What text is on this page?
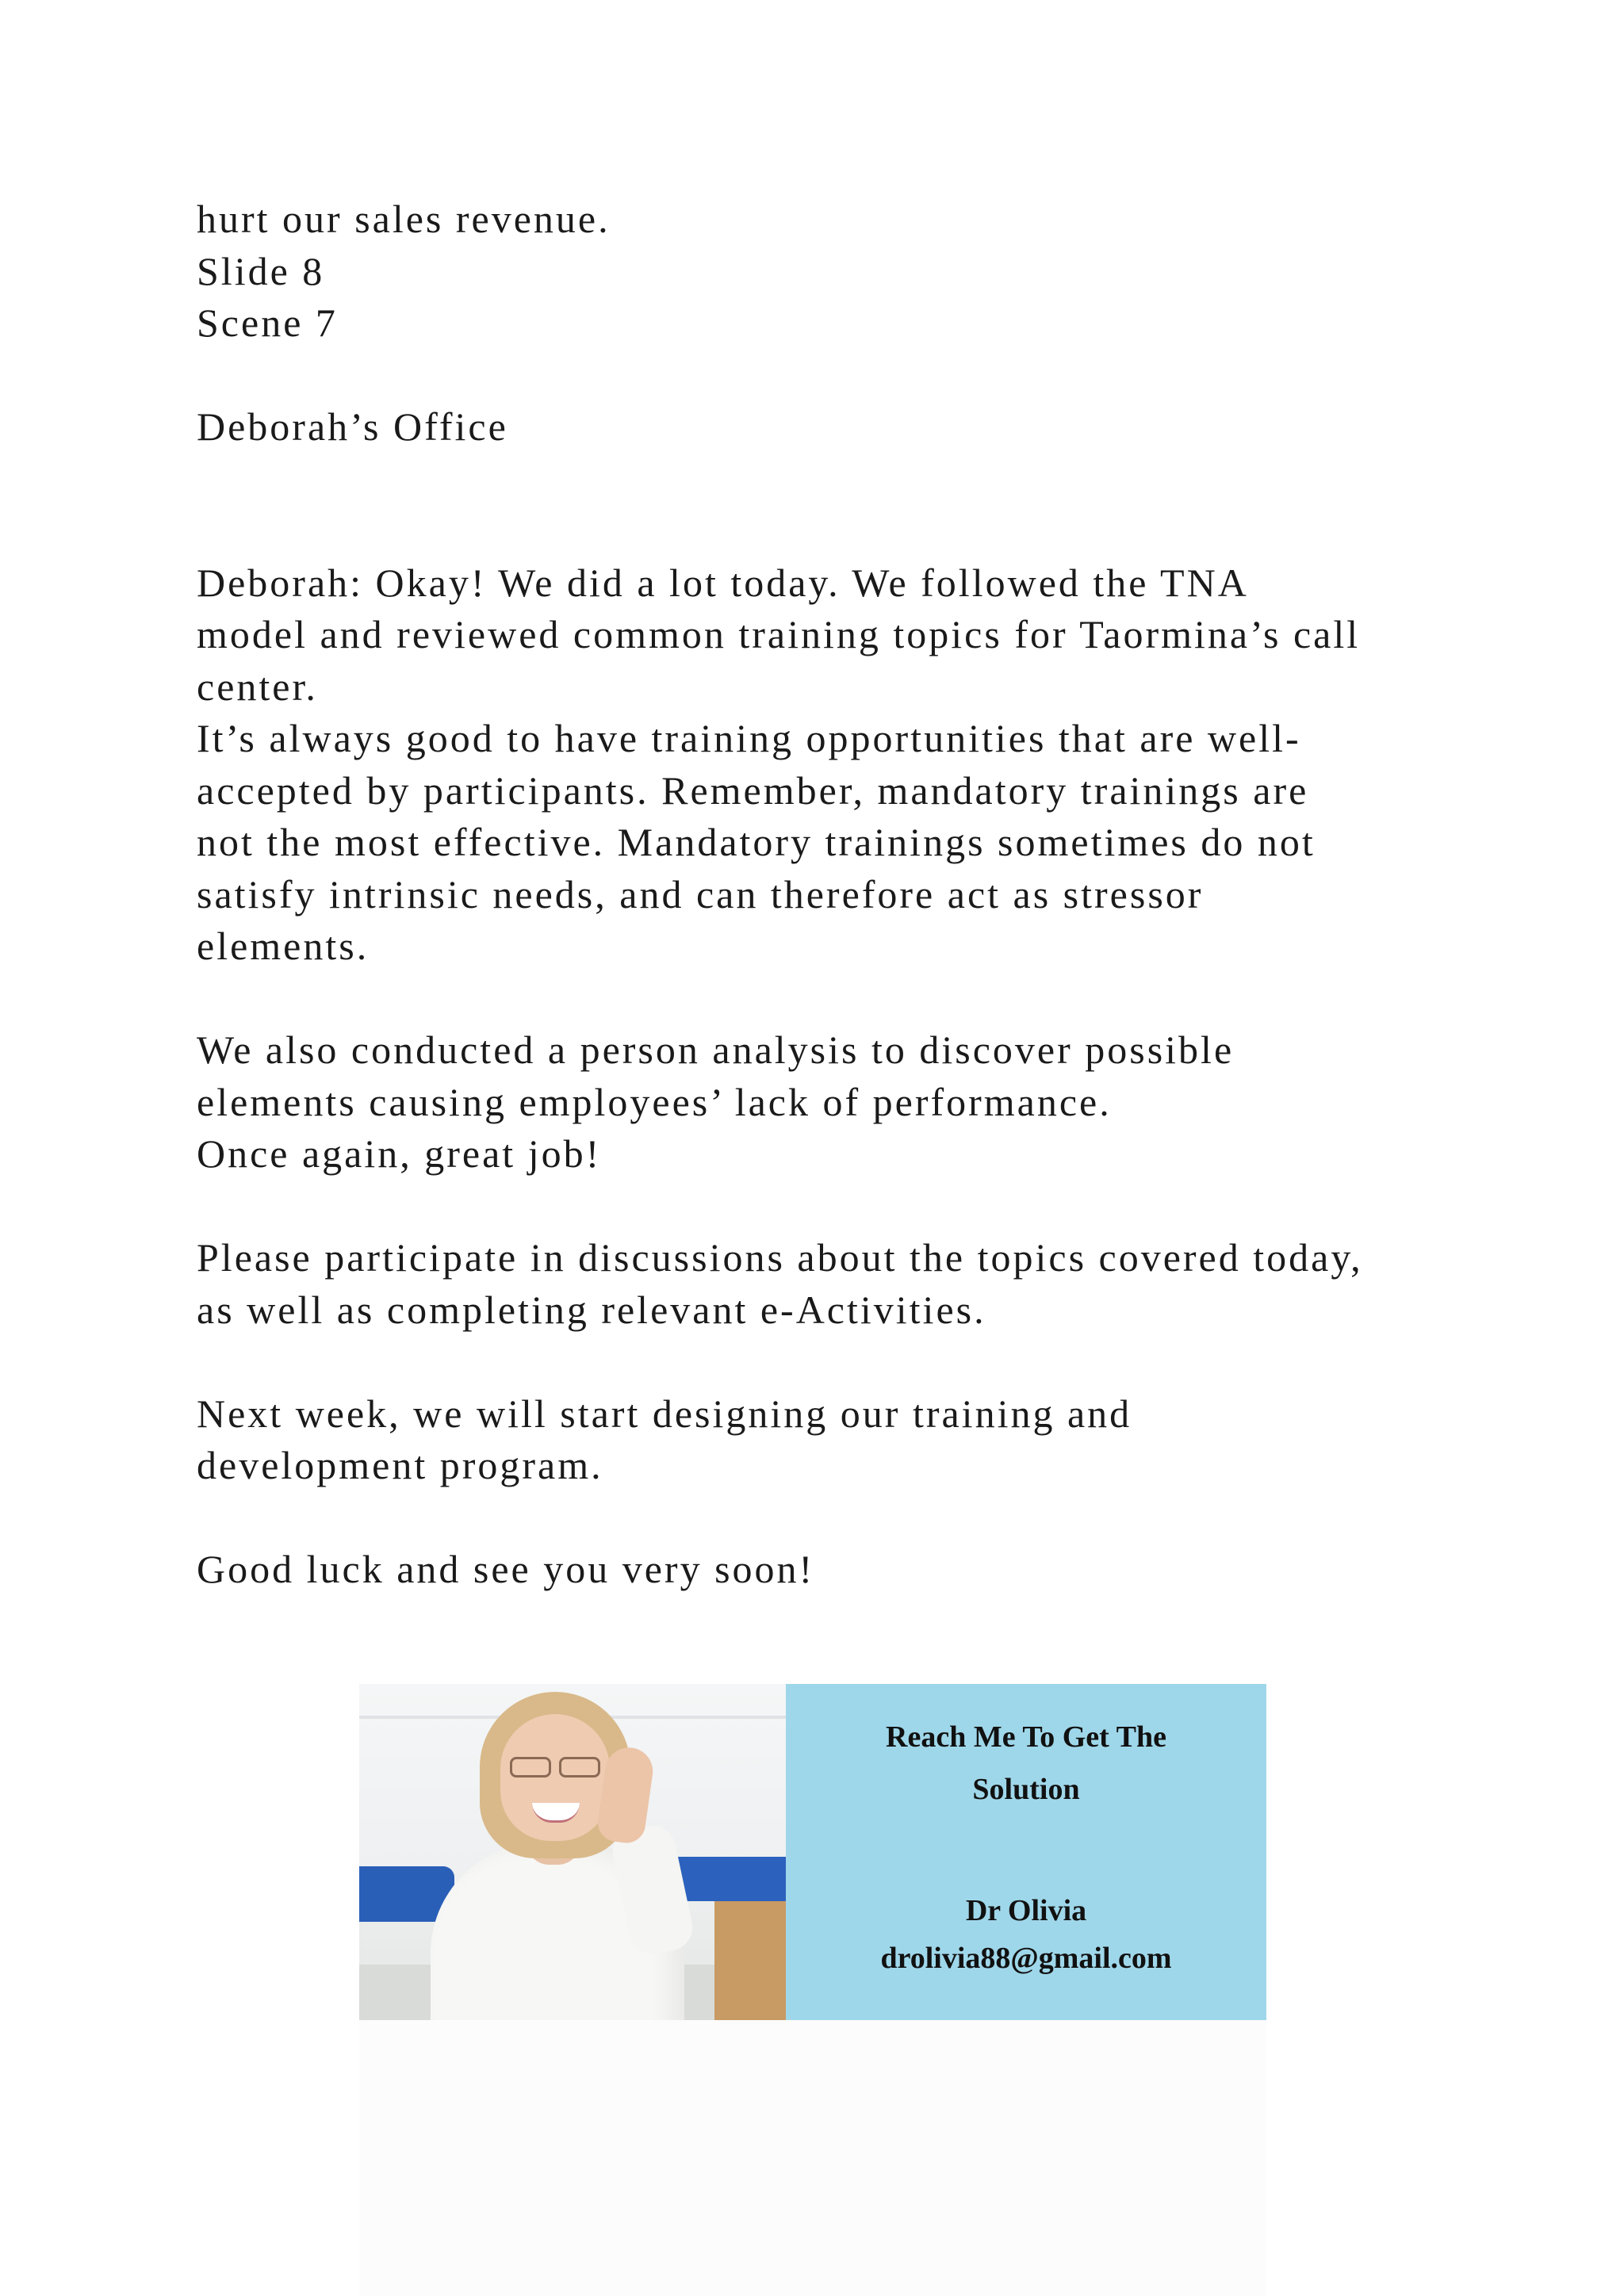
hurt our sales revenue.
Slide 8
Scene 7
Deborah’s Office
Deborah: Okay! We did a lot today. We followed the TNA
model and reviewed common training topics for Taormina’s call
center.
It’s always good to have training opportunities that are well-
accepted by participants. Remember, mandatory trainings are
not the most effective. Mandatory trainings sometimes do not
satisfy intrinsic needs, and can therefore act as stressor
elements.
We also conducted a person analysis to discover possible
elements causing employees’ lack of performance.
Once again, great job!
Please participate in discussions about the topics covered today,
as well as completing relevant e-Activities.
Next week, we will start designing our training and
development program.
Good luck and see you very soon!
Reach Me To Get The
Solution
Dr Olivia
drolivia88@gmail.com
